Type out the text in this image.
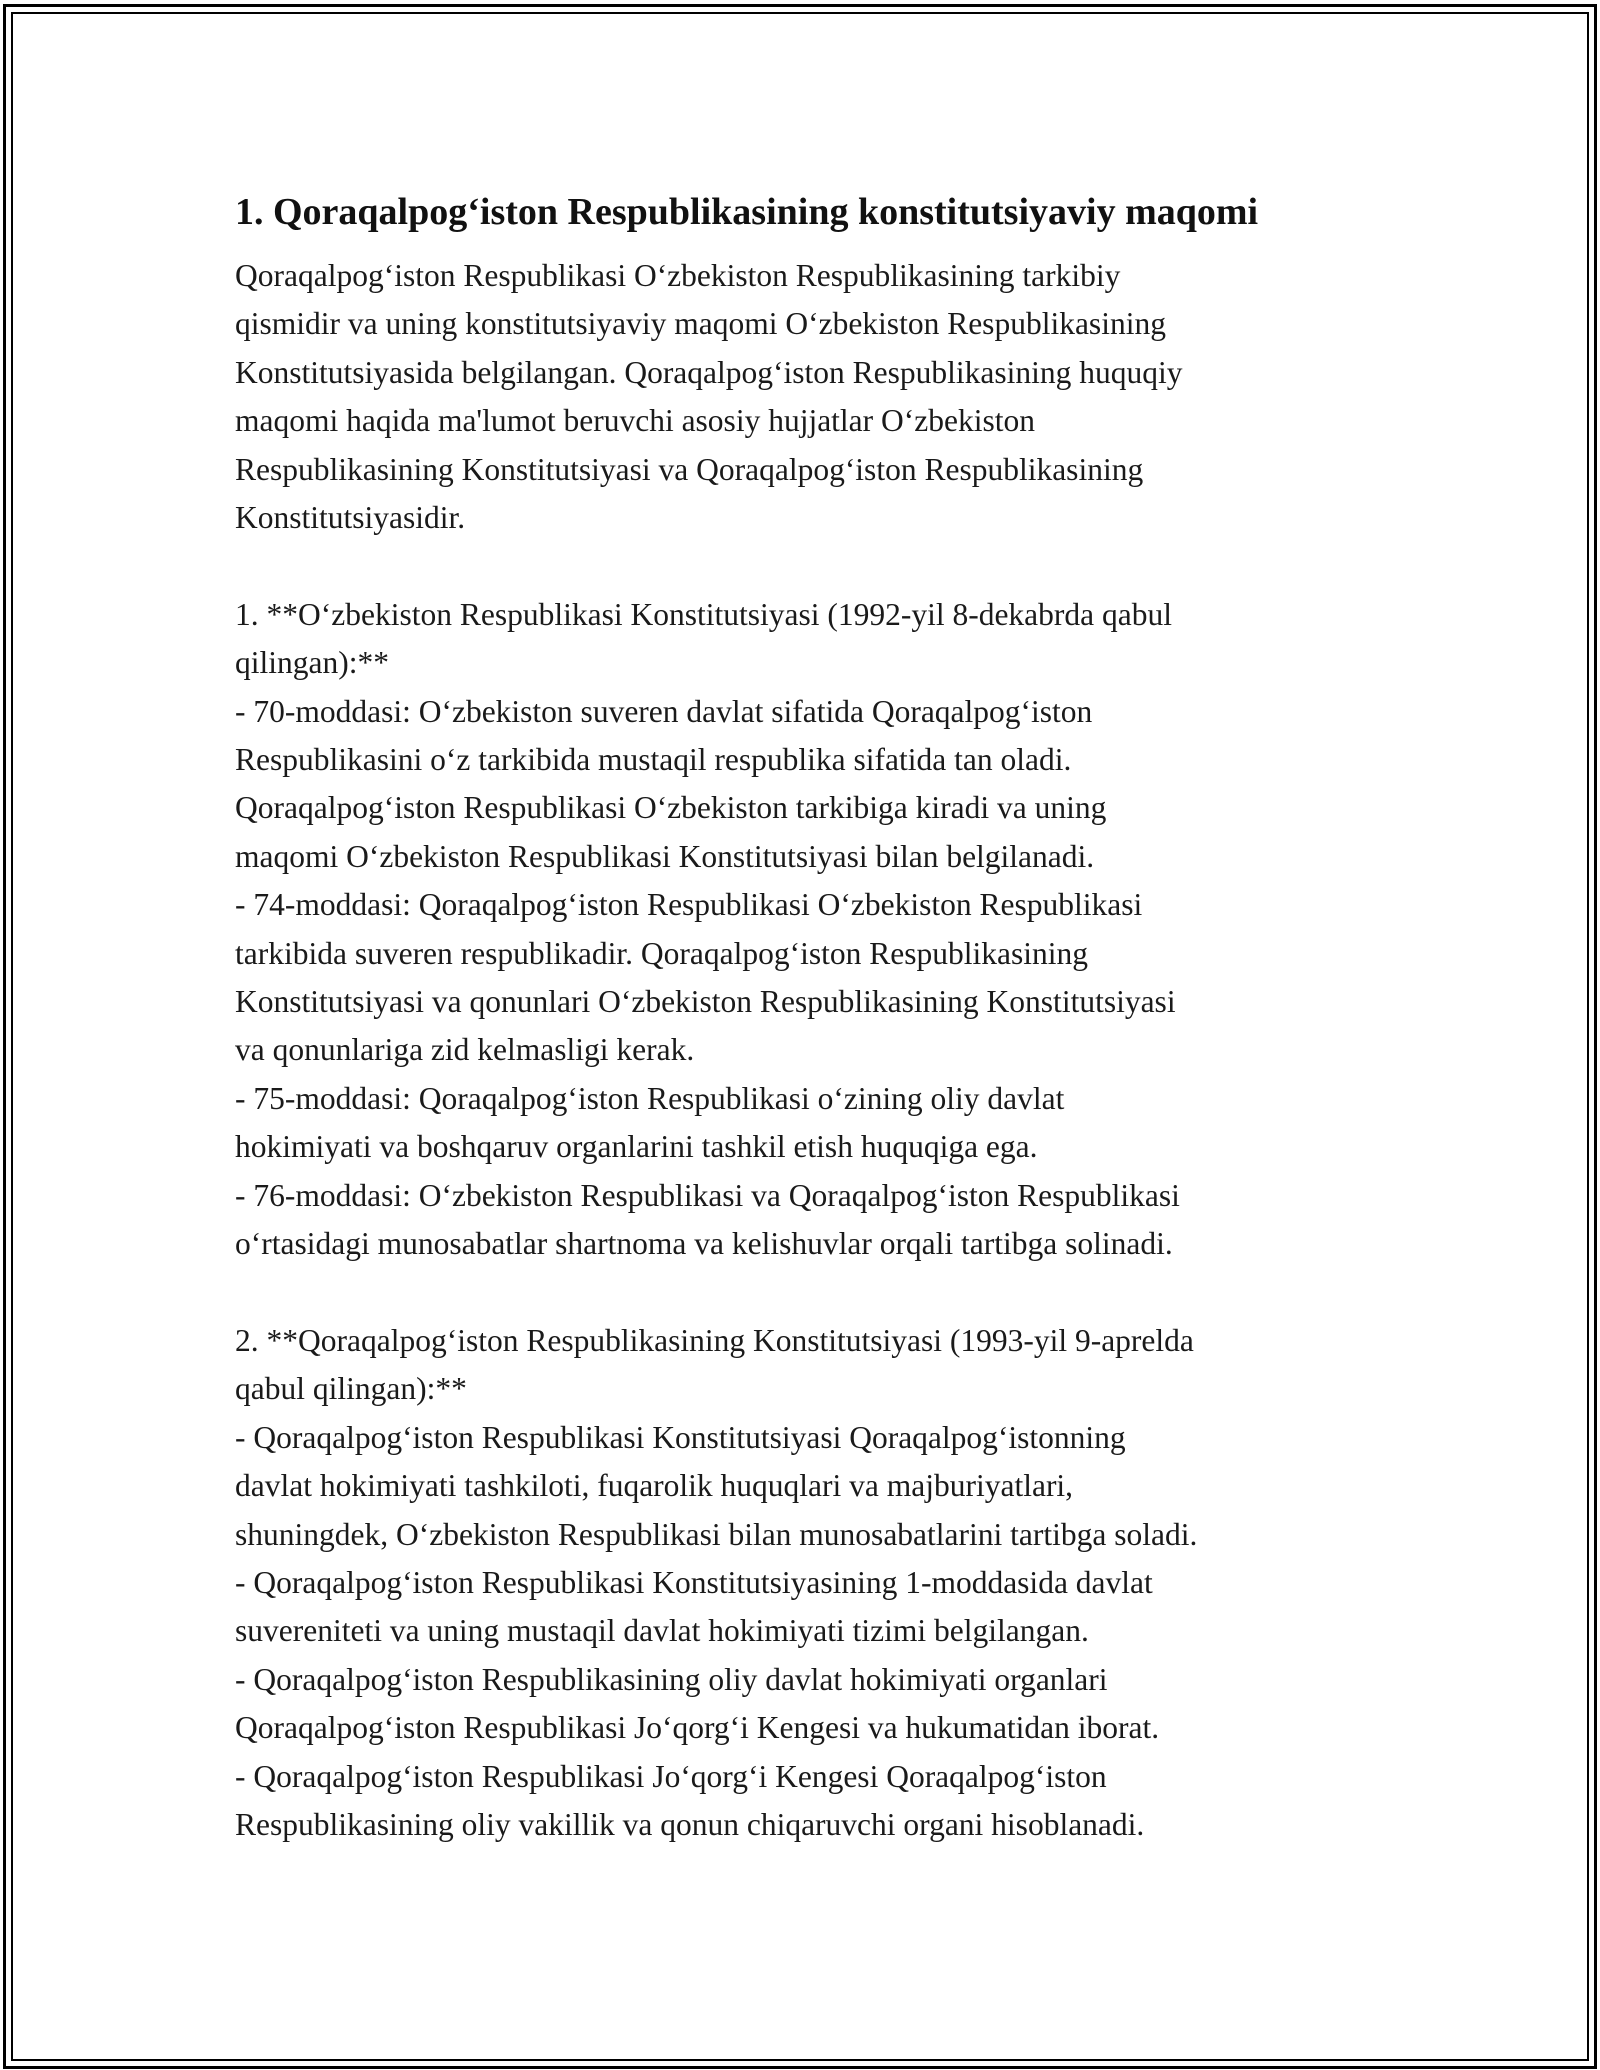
1. Qoraqalpog‘iston Respublikasining konstitutsiyaviy maqomi

Qoraqalpog‘iston Respublikasi O‘zbekiston Respublikasining tarkibiy
qismidir va uning konstitutsiyaviy maqomi O‘zbekiston Respublikasining
Konstitutsiyasida belgilangan. Qoraqalpog‘iston Respublikasining huquqiy
maqomi haqida ma'lumot beruvchi asosiy hujjatlar O‘zbekiston
Respublikasining Konstitutsiyasi va Qoraqalpog‘iston Respublikasining
Konstitutsiyasidir.

1. **O‘zbekiston Respublikasi Konstitutsiyasi (1992-yil 8-dekabrda qabul
qilingan):**

- 70-moddasi: O‘zbekiston suveren davlat sifatida Qoraqalpog‘iston
Respublikasini o‘z tarkibida mustaqil respublika sifatida tan oladi.
Qoraqalpog‘iston Respublikasi O‘zbekiston tarkibiga kiradi va uning
maqomi O‘zbekiston Respublikasi Konstitutsiyasi bilan belgilanadi.

- 74-moddasi: Qoraqalpog‘iston Respublikasi O‘zbekiston Respublikasi
tarkibida suveren respublikadir. Qoraqalpog‘iston Respublikasining
Konstitutsiyasi va qonunlari O‘zbekiston Respublikasining Konstitutsiyasi
va qonunlariga zid kelmasligi kerak.

- 75-moddasi: Qoraqalpog‘iston Respublikasi o‘zining oliy davlat
hokimiyati va boshqaruv organlarini tashkil etish huquqiga ega.

- 76-moddasi: O‘zbekiston Respublikasi va Qoraqalpog‘iston Respublikasi
o‘rtasidagi munosabatlar shartnoma va kelishuvlar orqali tartibga solinadi.

2. **Qoraqalpog‘iston Respublikasining Konstitutsiyasi (1993-yil 9-aprelda
qabul qilingan):**

- Qoraqalpog‘iston Respublikasi Konstitutsiyasi Qoraqalpog‘istonning
davlat hokimiyati tashkiloti, fuqarolik huquqlari va majburiyatlari,
shuningdek, O‘zbekiston Respublikasi bilan munosabatlarini tartibga soladi.

- Qoraqalpog‘iston Respublikasi Konstitutsiyasining 1-moddasida davlat
suvereniteti va uning mustaqil davlat hokimiyati tizimi belgilangan.

- Qoraqalpog‘iston Respublikasining oliy davlat hokimiyati organlari
Qoraqalpog‘iston Respublikasi Jo‘qorg‘i Kengesi va hukumatidan iborat.

- Qoraqalpog‘iston Respublikasi Jo‘qorg‘i Kengesi Qoraqalpog‘iston
Respublikasining oliy vakillik va qonun chiqaruvchi organi hisoblanadi.
